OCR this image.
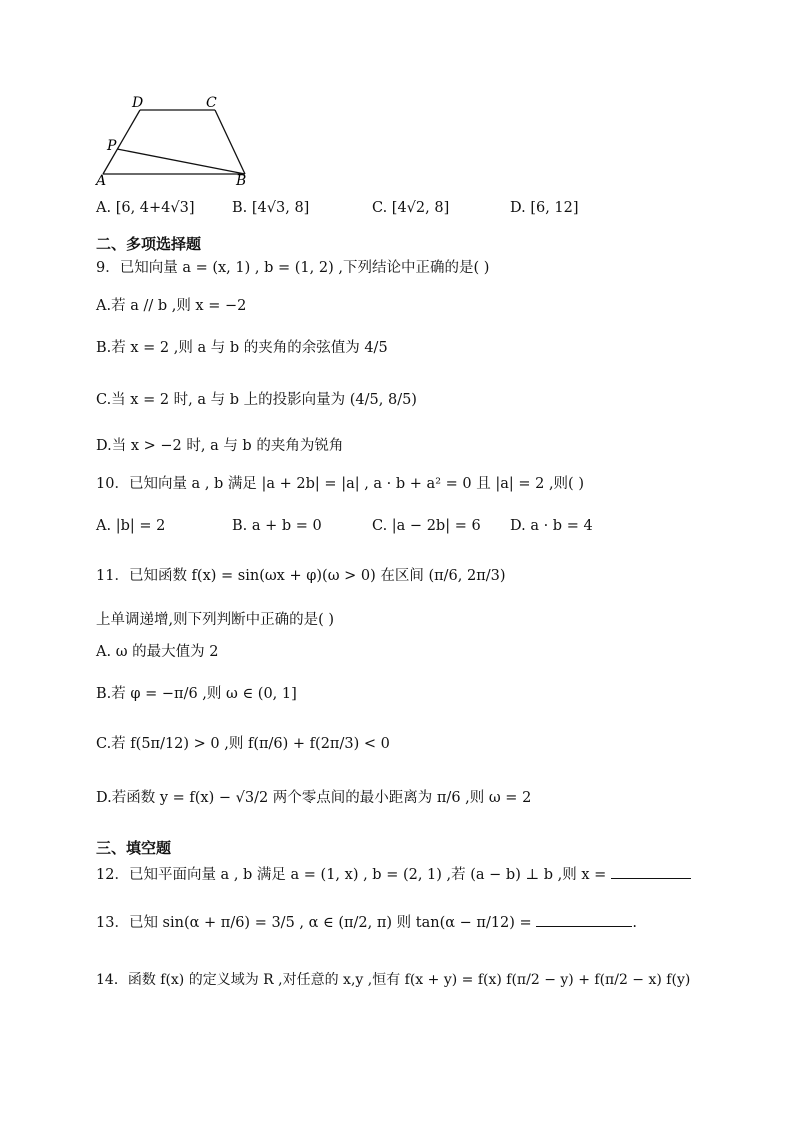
D	C
P
A	B
A. [6, 4+4√3]	B. [4√3, 8]	C. [4√2, 8]	D. [6, 12]
二、多项选择题
9．已知向量 a = (x, 1) , b = (1, 2) ,下列结论中正确的是( )
A.若 a // b ,则 x = −2
B.若 x = 2 ,则 a 与 b 的夹角的余弦值为 4/5
C.当 x = 2 时, a 与 b 上的投影向量为 (4/5, 8/5)
D.当 x > −2 时, a 与 b 的夹角为锐角
10．已知向量 a , b 满足 |a + 2b| = |a| , a · b + a² = 0 且 |a| = 2 ,则( )
A. |b| = 2	B. a + b = 0	C. |a − 2b| = 6 D. a · b = 4
11．已知函数 f(x) = sin(ωx + φ)(ω > 0) 在区间 (π/6, 2π/3)
上单调递增,则下列判断中正确的是( )
A. ω 的最大值为 2
B.若 φ = −π/6 ,则 ω ∈ (0, 1]
C.若 f(5π/12) > 0 ,则 f(π/6) + f(2π/3) < 0
D.若函数 y = f(x) − √3/2 两个零点间的最小距离为 π/6 ,则 ω = 2
三、填空题
12．已知平面向量 a , b 满足 a = (1, x) , b = (2, 1) ,若 (a − b) ⊥ b ,则 x =
13．已知 sin(α + π/6) = 3/5 , α ∈ (π/2, π) 则 tan(α − π/12) =	.
14．函数 f(x) 的定义域为 R ,对任意的 x,y ,恒有 f(x + y) = f(x) f(π/2 − y) + f(π/2 − x) f(y)
